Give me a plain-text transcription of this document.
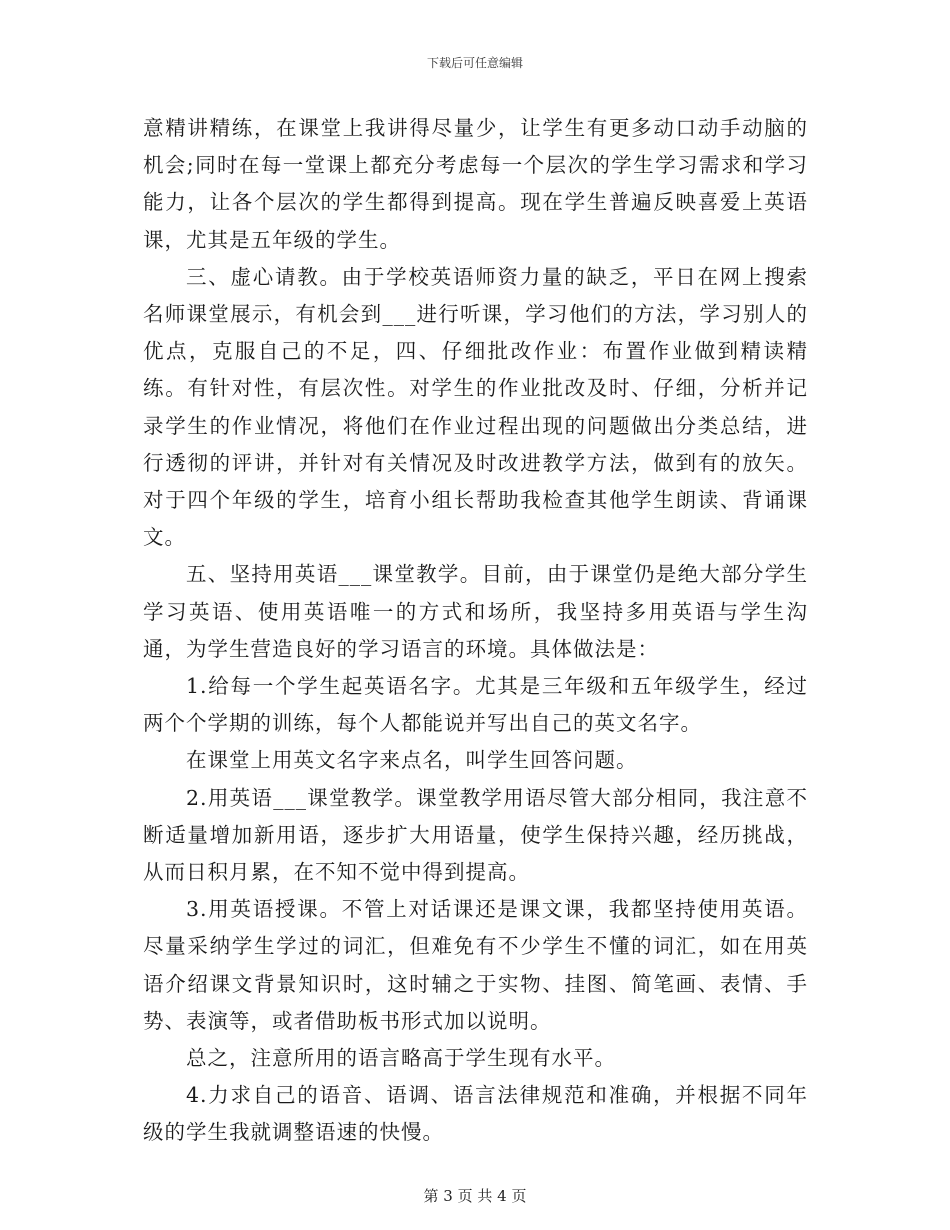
下载后可任意编辑

意精讲精练，在课堂上我讲得尽量少，让学生有更多动口动手动脑的机会;同时在每一堂课上都充分考虑每一个层次的学生学习需求和学习能力，让各个层次的学生都得到提高。现在学生普遍反映喜爱上英语课，尤其是五年级的学生。

三、虚心请教。由于学校英语师资力量的缺乏，平日在网上搜索名师课堂展示，有机会到___进行听课，学习他们的方法，学习别人的优点，克服自己的不足，四、仔细批改作业：布置作业做到精读精练。有针对性，有层次性。对学生的作业批改及时、仔细，分析并记录学生的作业情况，将他们在作业过程出现的问题做出分类总结，进行透彻的评讲，并针对有关情况及时改进教学方法，做到有的放矢。对于四个年级的学生，培育小组长帮助我检查其他学生朗读、背诵课文。

五、坚持用英语___课堂教学。目前，由于课堂仍是绝大部分学生学习英语、使用英语唯一的方式和场所，我坚持多用英语与学生沟通，为学生营造良好的学习语言的环境。具体做法是：

1.给每一个学生起英语名字。尤其是三年级和五年级学生，经过两个个学期的训练，每个人都能说并写出自己的英文名字。

在课堂上用英文名字来点名，叫学生回答问题。

2.用英语___课堂教学。课堂教学用语尽管大部分相同，我注意不断适量增加新用语，逐步扩大用语量，使学生保持兴趣，经历挑战，从而日积月累，在不知不觉中得到提高。

3.用英语授课。不管上对话课还是课文课，我都坚持使用英语。尽量采纳学生学过的词汇，但难免有不少学生不懂的词汇，如在用英语介绍课文背景知识时，这时辅之于实物、挂图、简笔画、表情、手势、表演等，或者借助板书形式加以说明。

总之，注意所用的语言略高于学生现有水平。

4.力求自己的语音、语调、语言法律规范和准确，并根据不同年级的学生我就调整语速的快慢。

第 3 页 共 4 页
